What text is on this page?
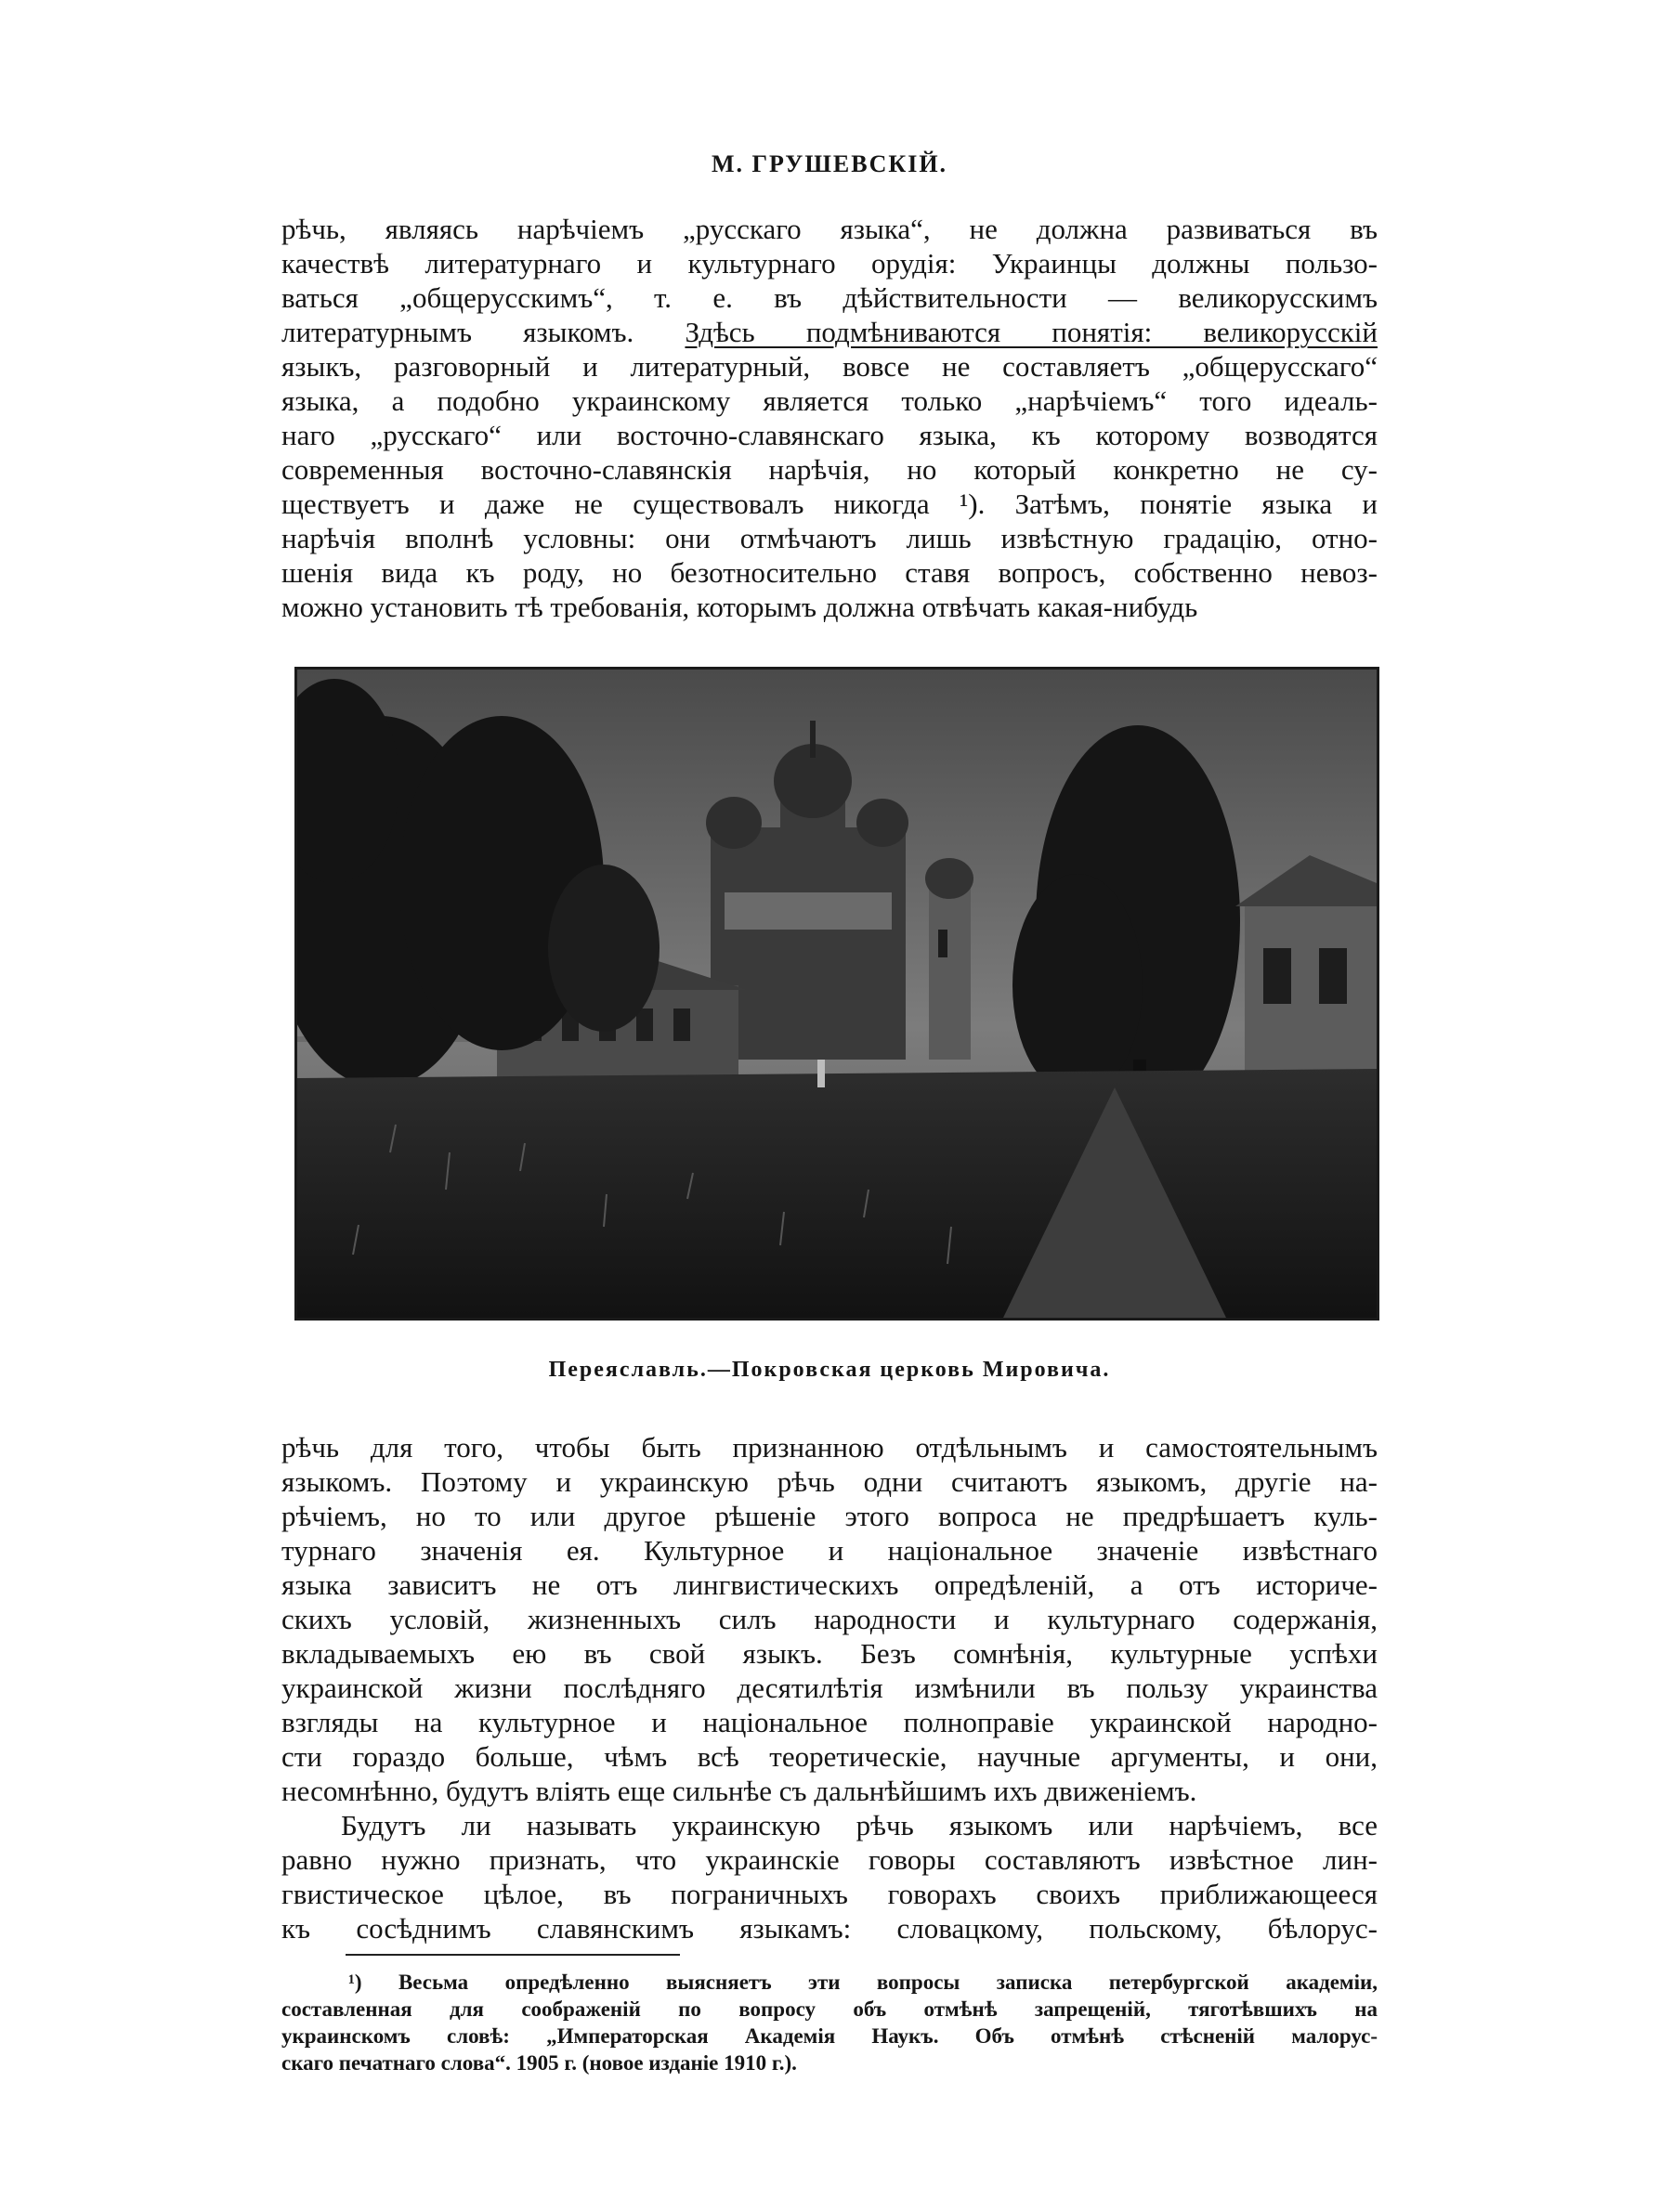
М. ГРУШЕВСКІЙ.
рѣчь, являясь нарѣчіемъ „русскаго языка“, не должна развиваться въ
качествѣ литературнаго и культурнаго орудія: Украинцы должны пользо-
ваться „общерусскимъ“, т. е. въ дѣйствительности — великорусскимъ
литературнымъ языкомъ. Здѣсь подмѣниваются понятія: великорусскій
языкъ, разговорный и литературный, вовсе не составляетъ „общерусскаго“
языка, а подобно украинскому является только „нарѣчіемъ“ того идеаль-
наго „русскаго“ или восточно-славянскаго языка, къ которому возводятся
современныя восточно-славянскія нарѣчія, но который конкретно не су-
ществуетъ и даже не существовалъ никогда ¹). Затѣмъ, понятіе языка и
нарѣчія вполнѣ условны: они отмѣчаютъ лишь извѣстную градацію, отно-
шенія вида къ роду, но безотносительно ставя вопросъ, собственно невоз-
можно установить тѣ требованія, которымъ должна отвѣчать какая-нибудь
Переяславль.—Покровская церковь Мировича.
рѣчь для того, чтобы быть признанною отдѣльнымъ и самостоятельнымъ
языкомъ. Поэтому и украинскую рѣчь одни считаютъ языкомъ, другіе на-
рѣчіемъ, но то или другое рѣшеніе этого вопроса не предрѣшаетъ куль-
турнаго значенія ея. Культурное и національное значеніе извѣстнаго
языка зависитъ не отъ лингвистическихъ опредѣленій, а отъ историче-
скихъ условій, жизненныхъ силъ народности и культурнаго содержанія,
вкладываемыхъ ею въ свой языкъ. Безъ сомнѣнія, культурные успѣхи
украинской жизни послѣдняго десятилѣтія измѣнили въ пользу украинства
взгляды на культурное и національное полноправіе украинской народно-
сти гораздо больше, чѣмъ всѣ теоретическіе, научные аргументы, и они,
несомнѣнно, будутъ вліять еще сильнѣе съ дальнѣйшимъ ихъ движеніемъ.
Будутъ ли называть украинскую рѣчь языкомъ или нарѣчіемъ, все
равно нужно признать, что украинскіе говоры составляютъ извѣстное лин-
гвистическое цѣлое, въ пограничныхъ говорахъ своихъ приближающееся
къ сосѣднимъ славянскимъ языкамъ: словацкому, польскому, бѣлорус-
¹) Весьма опредѣленно выясняетъ эти вопросы записка петербургской академіи,
составленная для соображеній по вопросу объ отмѣнѣ запрещеній, тяготѣвшихъ на
украинскомъ словѣ: „Императорская Академія Наукъ. Объ отмѣнѣ стѣсненій малорус-
скаго печатнаго слова“. 1905 г. (новое изданіе 1910 г.).
